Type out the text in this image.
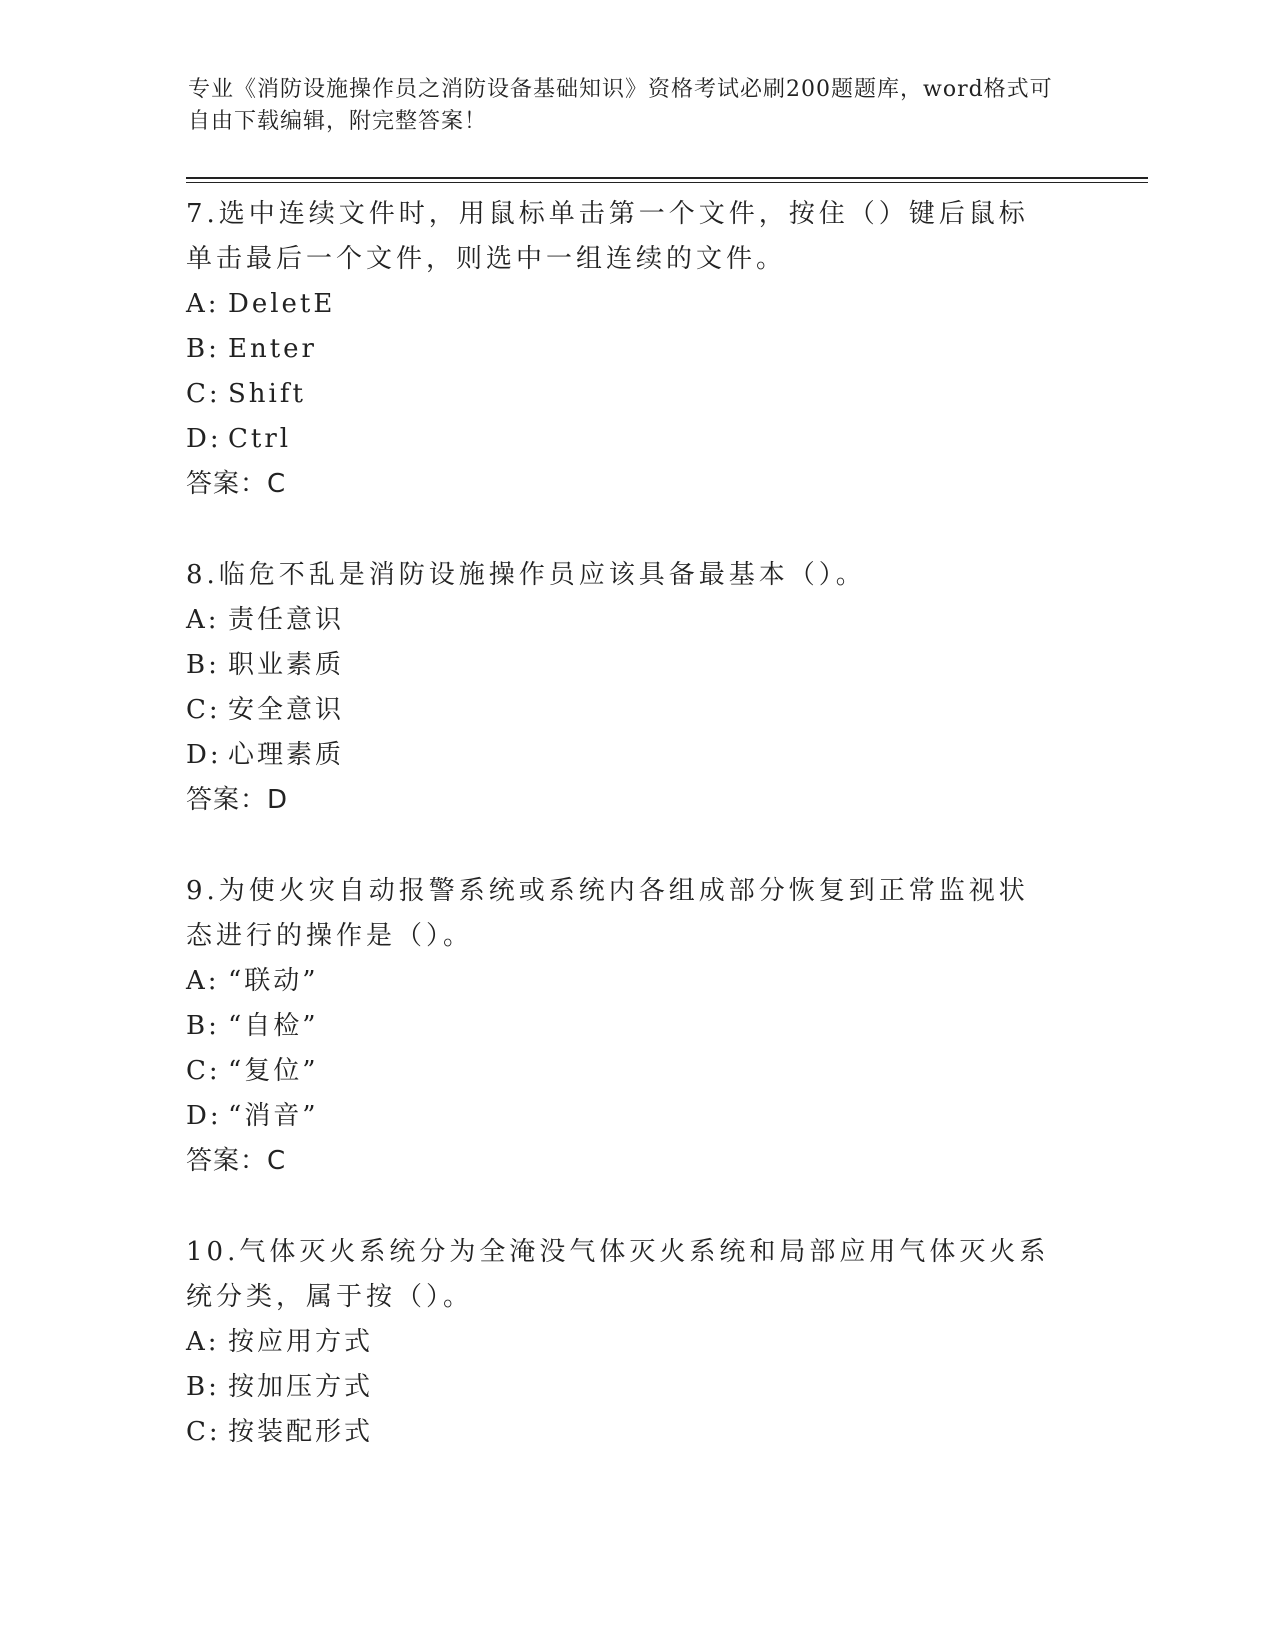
专业《消防设施操作员之消防设备基础知识》资格考试必刷200题题库，word格式可自由下载编辑，附完整答案！
7.选中连续文件时，用鼠标单击第一个文件，按住（）键后鼠标单击最后一个文件，则选中一组连续的文件。
A: DeletE
B: Enter
C: Shift
D: Ctrl
答案：C
8.临危不乱是消防设施操作员应该具备最基本（）。
A: 责任意识
B: 职业素质
C: 安全意识
D: 心理素质
答案：D
9.为使火灾自动报警系统或系统内各组成部分恢复到正常监视状态进行的操作是（）。
A: “联动”
B: “自检”
C: “复位”
D: “消音”
答案：C
10.气体灭火系统分为全淹没气体灭火系统和局部应用气体灭火系统分类，属于按（）。
A: 按应用方式
B: 按加压方式
C: 按装配形式
